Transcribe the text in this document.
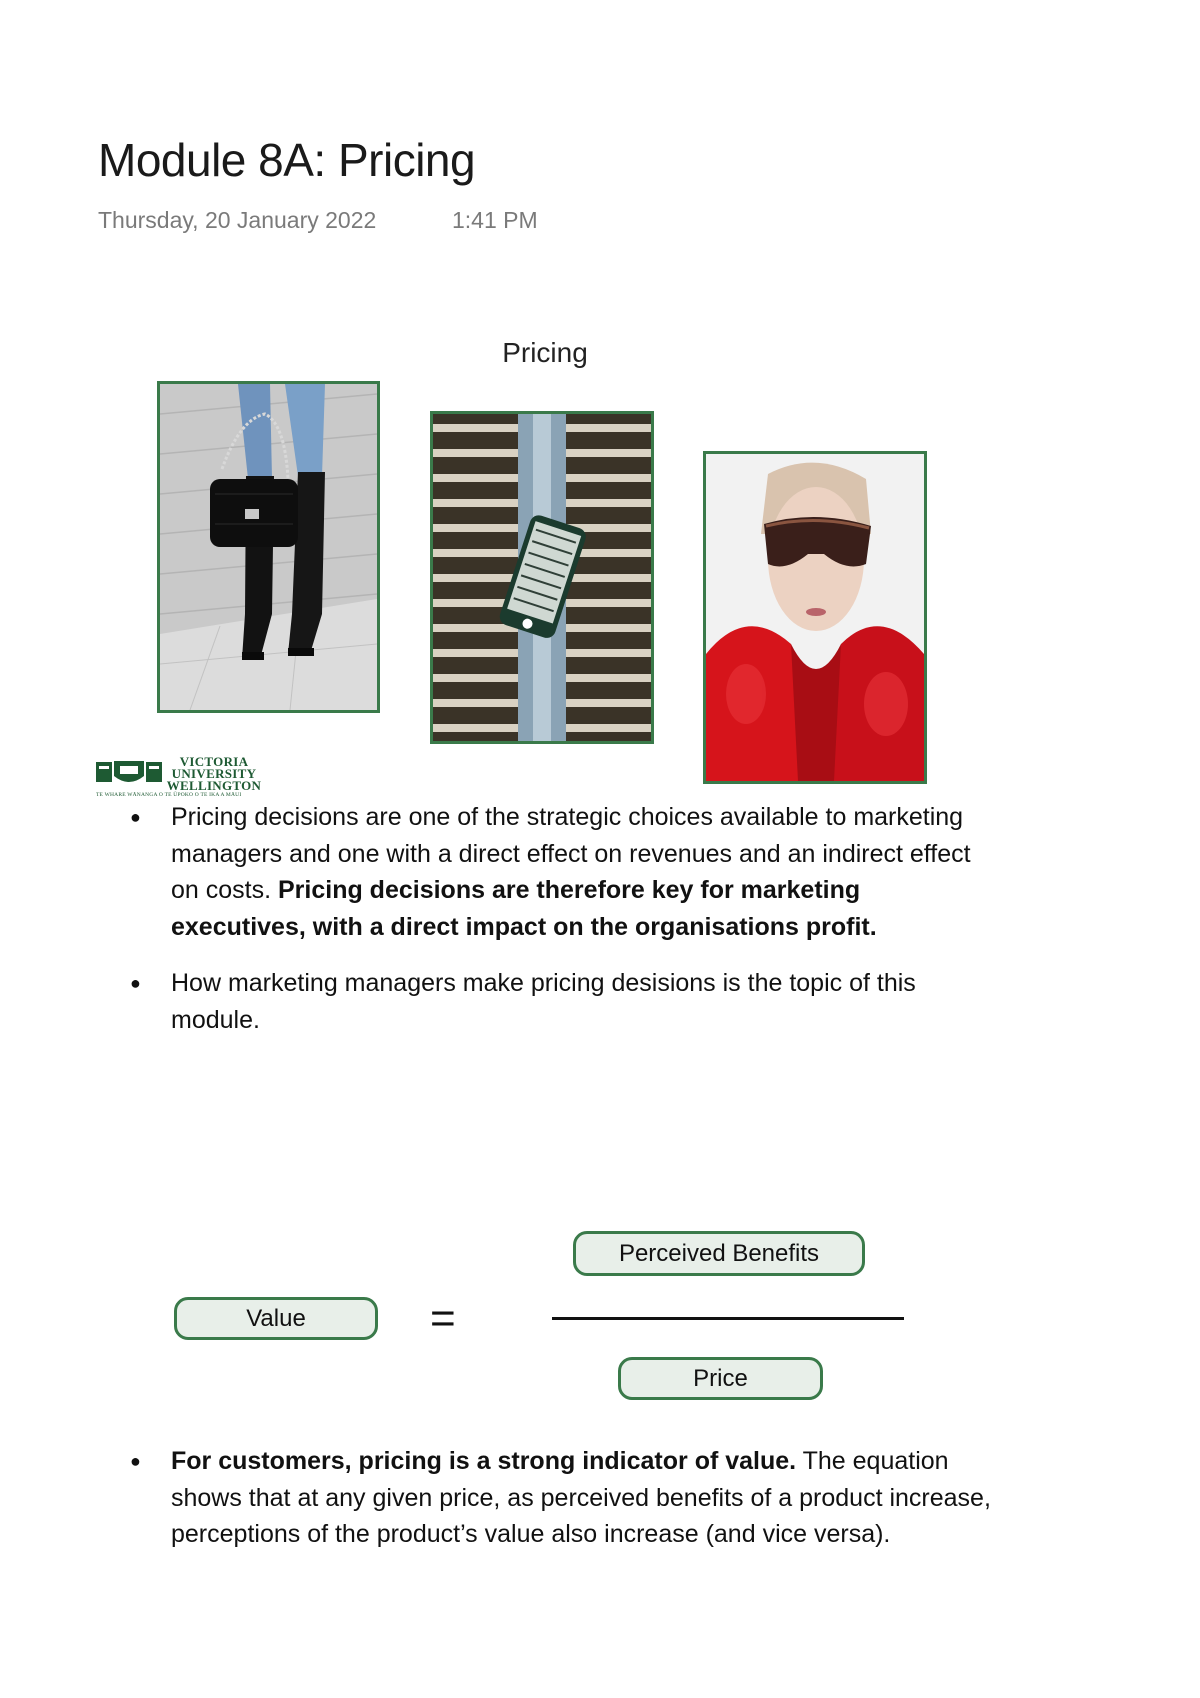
Module 8A: Pricing
Thursday, 20 January 2022	1:41 PM
Pricing
VICTORIA
UNIVERSITY
WELLINGTON
TE WHARE WĀNANGA O TE ŪPOKO O TE IKA A MĀUI
● Pricing decisions are one of the strategic choices available to marketing managers and one with a direct effect on revenues and an indirect effect on costs. Pricing decisions are therefore key for marketing executives, with a direct impact on the organisations profit.
● How marketing managers make pricing desisions is the topic of this module.
Value	=
Perceived Benefits
Price
● For customers, pricing is a strong indicator of value. The equation shows that at any given price, as perceived benefits of a product increase, perceptions of the product’s value also increase (and vice versa).
